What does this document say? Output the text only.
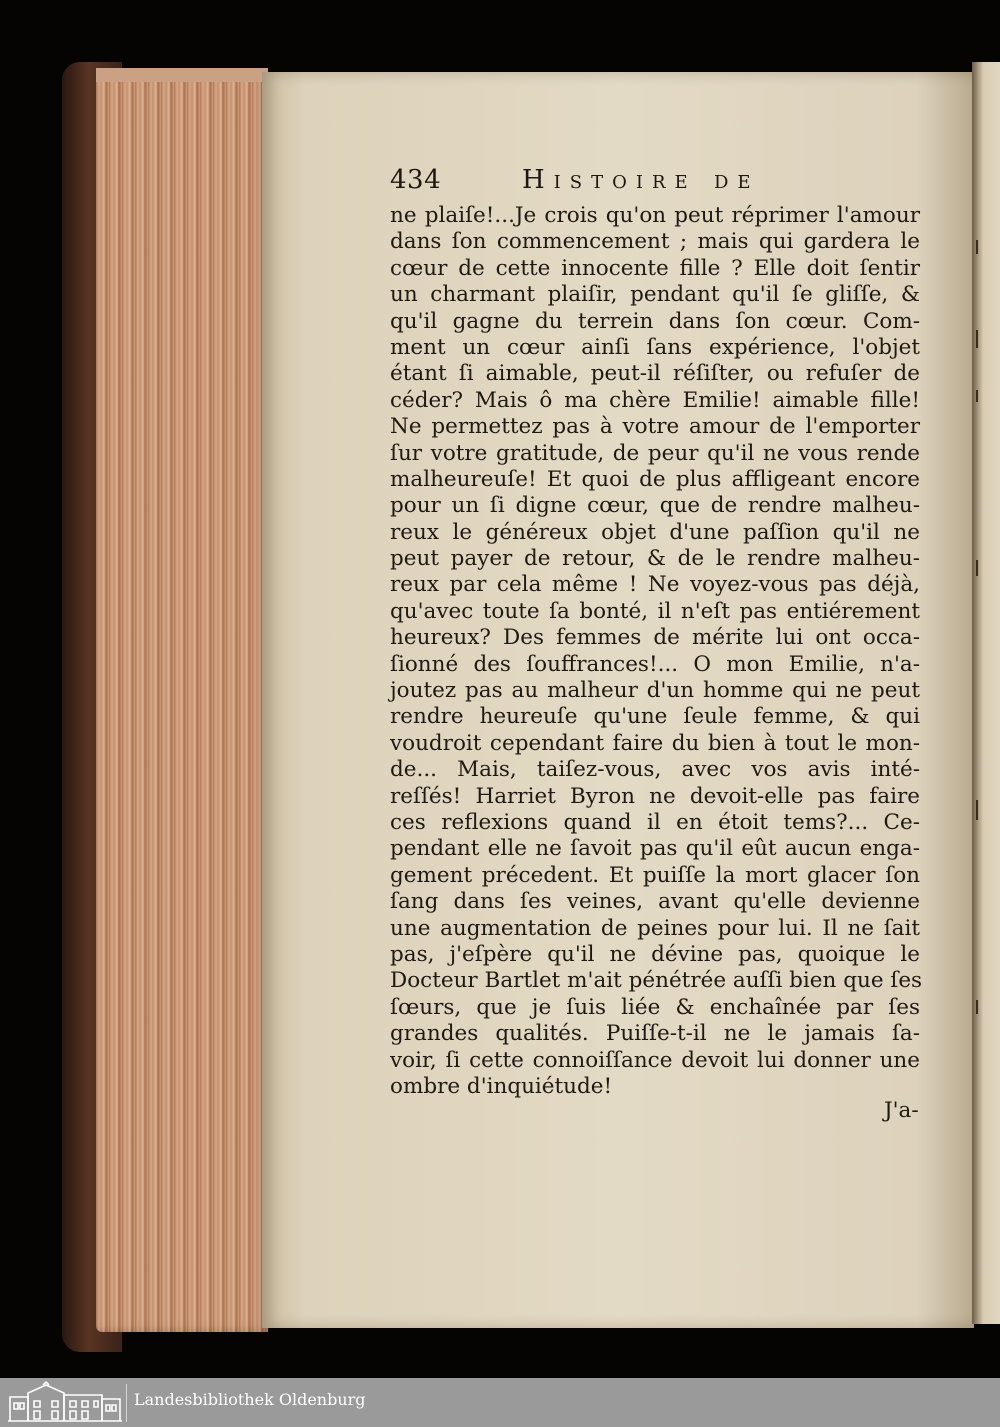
434	Histoire de
ne plaiſe!...Je crois qu'on peut réprimer l'amour
dans ſon commencement ; mais qui gardera le
cœur de cette innocente fille ? Elle doit ſentir
un charmant plaiſir, pendant qu'il ſe gliſſe, &
qu'il gagne du terrein dans ſon cœur. Com-
ment un cœur ainſi ſans expérience, l'objet
étant ſi aimable, peut-il réſiſter, ou refuſer de
céder? Mais ô ma chère Emilie! aimable fille!
Ne permettez pas à votre amour de l'emporter
ſur votre gratitude, de peur qu'il ne vous rende
malheureuſe! Et quoi de plus affligeant encore
pour un ſi digne cœur, que de rendre malheu-
reux le généreux objet d'une paſſion qu'il ne
peut payer de retour, & de le rendre malheu-
reux par cela même ! Ne voyez-vous pas déjà,
qu'avec toute ſa bonté, il n'eſt pas entiérement
heureux? Des femmes de mérite lui ont occa-
ſionné des ſouffrances!... O mon Emilie, n'a-
joutez pas au malheur d'un homme qui ne peut
rendre heureuſe qu'une ſeule femme, & qui
voudroit cependant faire du bien à tout le mon-
de... Mais, taiſez-vous, avec vos avis inté-
reſſés! Harriet Byron ne devoit-elle pas faire
ces reflexions quand il en étoit tems?... Ce-
pendant elle ne ſavoit pas qu'il eût aucun enga-
gement précedent. Et puiſſe la mort glacer ſon
ſang dans ſes veines, avant qu'elle devienne
une augmentation de peines pour lui. Il ne ſait
pas, j'eſpère qu'il ne dévine pas, quoique le
Docteur Bartlet m'ait pénétrée auſſi bien que ſes
ſœurs, que je ſuis liée & enchaînée par ſes
grandes qualités. Puiſſe-t-il ne le jamais ſa-
voir, ſi cette connoiſſance devoit lui donner une
ombre d'inquiétude!
J'a-
Landesbibliothek Oldenburg
